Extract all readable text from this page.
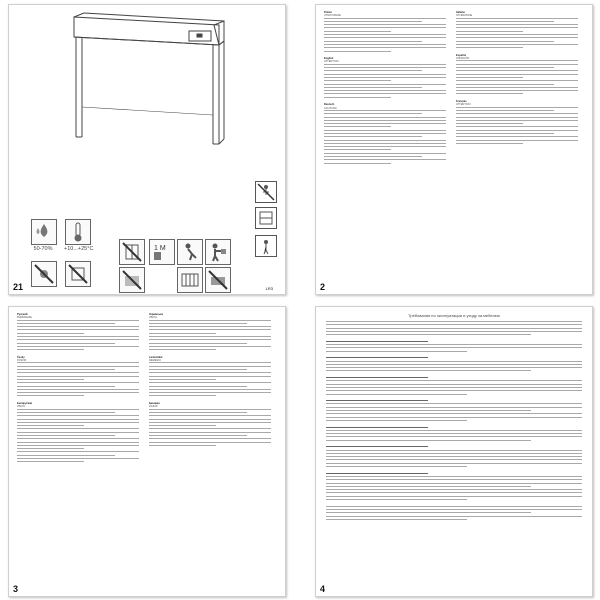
50-70%	+10...+25°C	1 M
21	LR3
Polski
UTRZYMANIE
English
ATTENTION
Deutsch
ACHTUNG
Italiano
ATTENZIONE
Español
ATENCIÓN
Français
ATTENTION
2
Русский
ВНИМАНИЕ
Česky
POZOR
Беларуская
УВАГА
Українська
УВАГА
Lietuviškai
DĖMESIO
Қазақша
НАЗАР
3
Требования по эксплуатации и уходу за мебелью
4
